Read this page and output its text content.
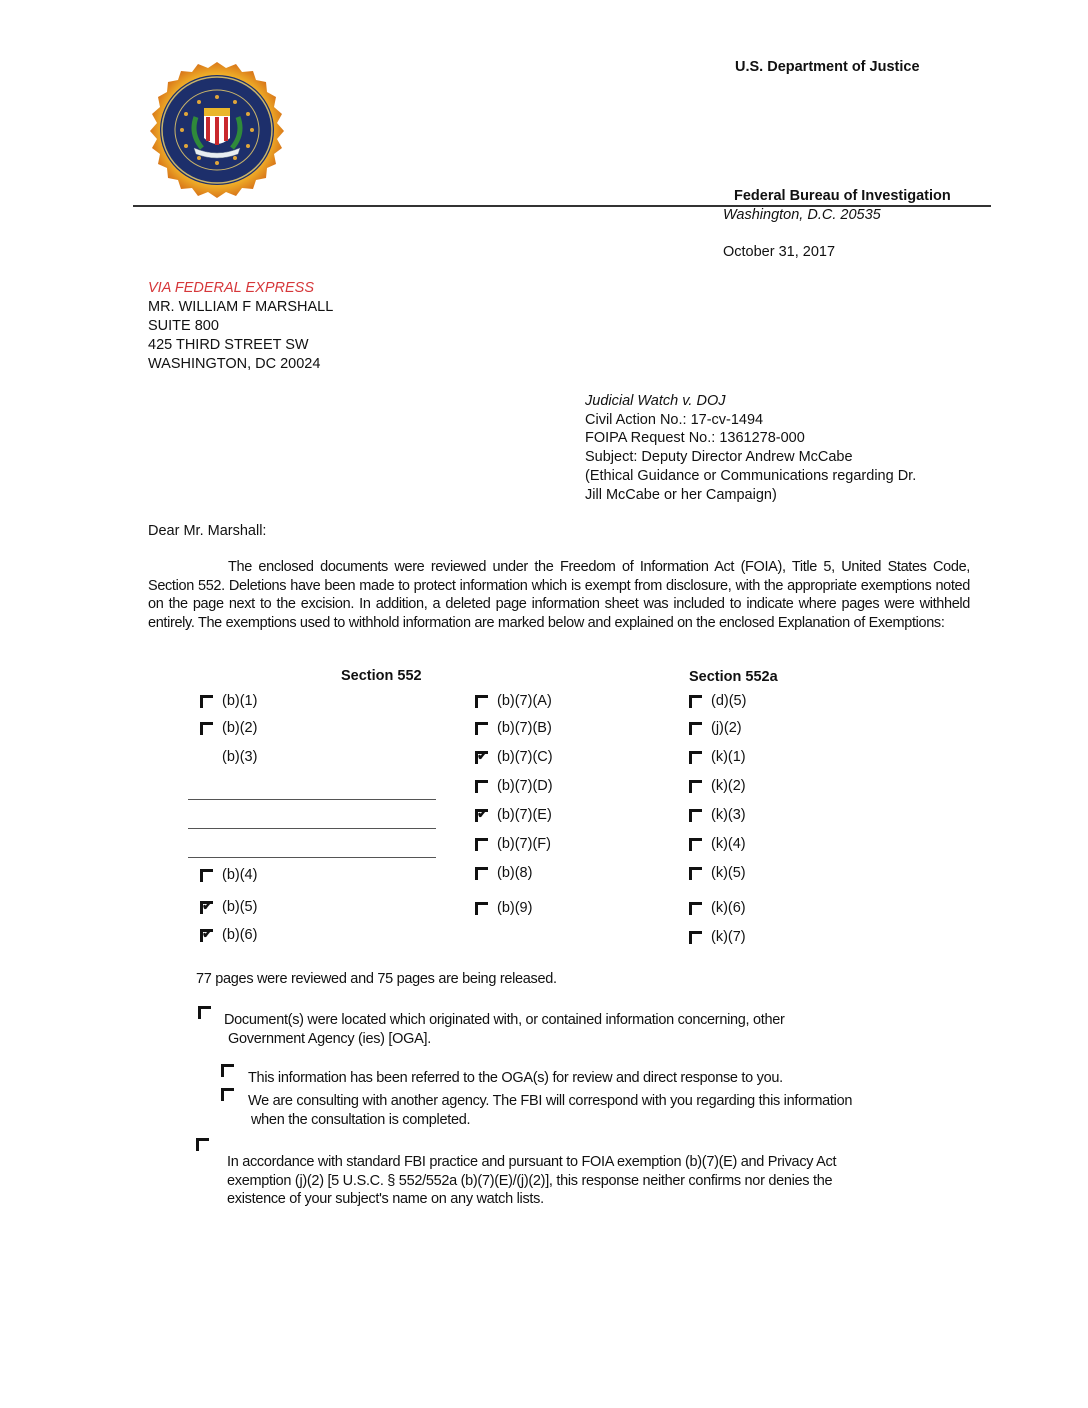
U.S. Department of Justice
Federal Bureau of Investigation
Washington, D.C. 20535
October 31, 2017
VIA FEDERAL EXPRESS
MR. WILLIAM F MARSHALL
SUITE 800
425 THIRD STREET SW
WASHINGTON, DC 20024
Judicial Watch v. DOJ
Civil Action No.: 17-cv-1494
FOIPA Request No.: 1361278-000
Subject: Deputy Director Andrew McCabe
(Ethical Guidance or Communications regarding Dr.
Jill McCabe or her Campaign)
Dear Mr. Marshall:
The enclosed documents were reviewed under the Freedom of Information Act (FOIA), Title 5, United States Code, Section 552. Deletions have been made to protect information which is exempt from disclosure, with the appropriate exemptions noted on the page next to the excision. In addition, a deleted page information sheet was included to indicate where pages were withheld entirely. The exemptions used to withhold information are marked below and explained on the enclosed Explanation of Exemptions:
Section 552	Section 552a
(b)(1)
(b)(2)
(b)(3)
(b)(4)
✔ (b)(5)
✔ (b)(6)
(b)(7)(A)
(b)(7)(B)
✔ (b)(7)(C)
(b)(7)(D)
✔ (b)(7)(E)
(b)(7)(F)
(b)(8)
(b)(9)
(d)(5)
(j)(2)
(k)(1)
(k)(2)
(k)(3)
(k)(4)
(k)(5)
(k)(6)
(k)(7)
77 pages were reviewed and 75 pages are being released.
Document(s) were located which originated with, or contained information concerning, other
Government Agency (ies) [OGA].
This information has been referred to the OGA(s) for review and direct response to you.
We are consulting with another agency. The FBI will correspond with you regarding this information
when the consultation is completed.
In accordance with standard FBI practice and pursuant to FOIA exemption (b)(7)(E) and Privacy Act
exemption (j)(2) [5 U.S.C. § 552/552a (b)(7)(E)/(j)(2)], this response neither confirms nor denies the
existence of your subject's name on any watch lists.
